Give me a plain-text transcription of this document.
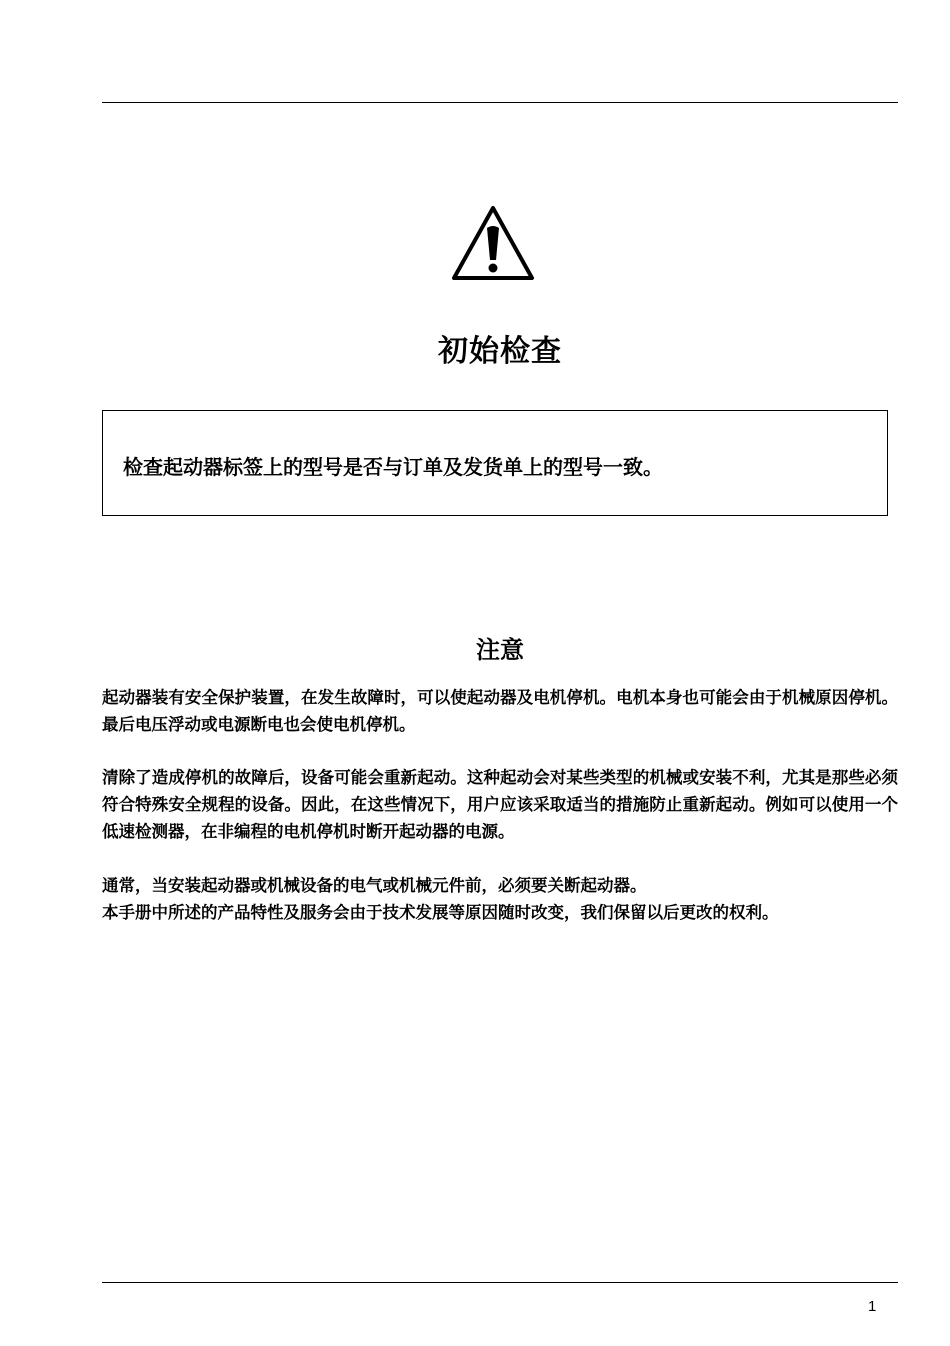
初始检查
检查起动器标签上的型号是否与订单及发货单上的型号一致。
注意

起动器装有安全保护装置，在发生故障时，可以使起动器及电机停机。电机本身也可能会由于机械原因停机。最后电压浮动或电源断电也会使电机停机。

清除了造成停机的故障后，设备可能会重新起动。这种起动会对某些类型的机械或安装不利，尤其是那些必须符合特殊安全规程的设备。因此，在这些情况下，用户应该采取适当的措施防止重新起动。例如可以使用一个低速检测器，在非编程的电机停机时断开起动器的电源。

通常，当安装起动器或机械设备的电气或机械元件前，必须要关断起动器。

本手册中所述的产品特性及服务会由于技术发展等原因随时改变，我们保留以后更改的权利。

1
